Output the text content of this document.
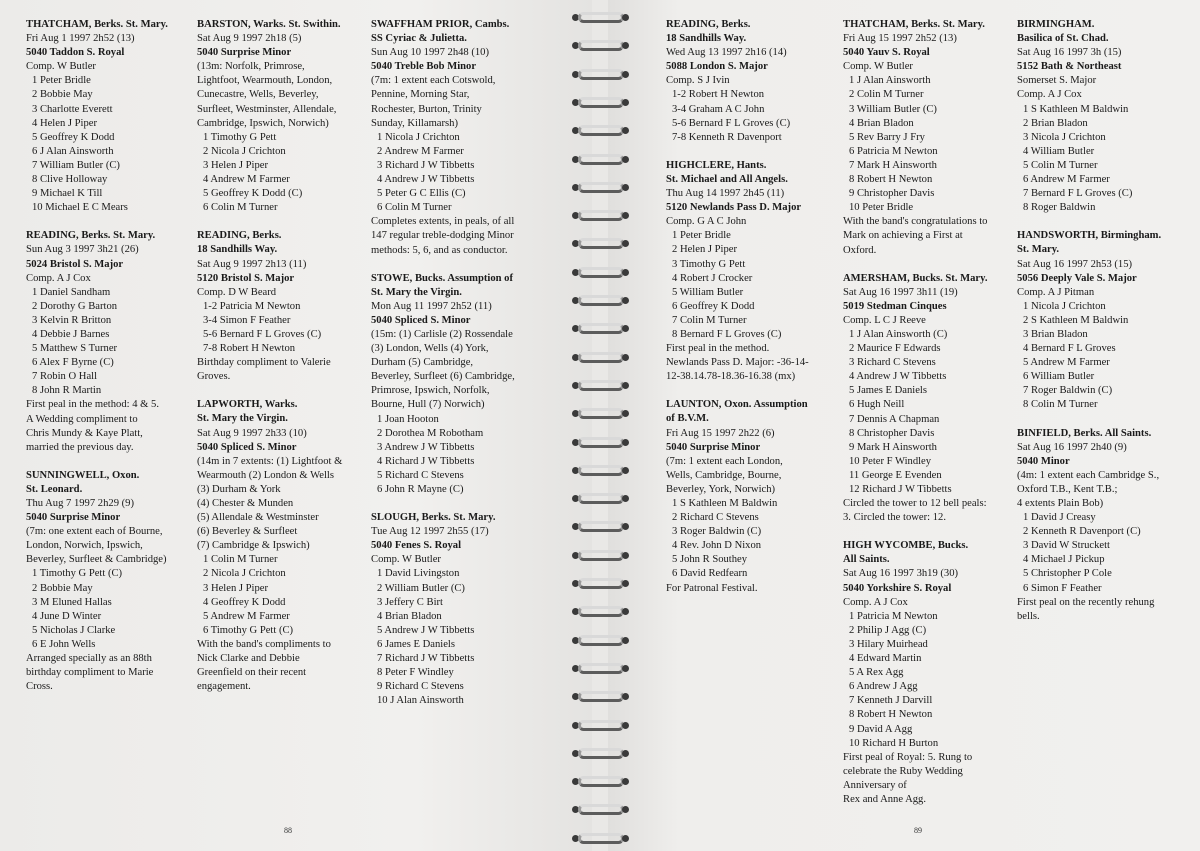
THATCHAM, Berks. St. Mary.
Fri Aug 1 1997 2h52 (13)
5040 Taddon S. Royal
Comp. W Butler
1 Peter Bridle
2 Bobbie May
3 Charlotte Everett
4 Helen J Piper
5 Geoffrey K Dodd
6 J Alan Ainsworth
7 William Butler (C)
8 Clive Holloway
9 Michael K Till
10 Michael E C Mears
READING, Berks. St. Mary.
Sun Aug 3 1997 3h21 (26)
5024 Bristol S. Major
Comp. A J Cox
1 Daniel Sandham
2 Dorothy G Barton
3 Kelvin R Britton
4 Debbie J Barnes
5 Matthew S Turner
6 Alex F Byrne (C)
7 Robin O Hall
8 John R Martin
First peal in the method: 4 & 5.
A Wedding compliment to
Chris Mundy & Kaye Platt,
married the previous day.
SUNNINGWELL, Oxon.
St. Leonard.
Thu Aug 7 1997 2h29 (9)
5040 Surprise Minor
(7m: one extent each of Bourne,
London, Norwich, Ipswich,
Beverley, Surfleet & Cambridge)
1 Timothy G Pett (C)
2 Bobbie May
3 M Eluned Hallas
4 June D Winter
5 Nicholas J Clarke
6 E John Wells
Arranged specially as an 88th
birthday compliment to Marie
Cross.
BARSTON, Warks. St. Swithin.
Sat Aug 9 1997 2h18 (5)
5040 Surprise Minor
(13m: Norfolk, Primrose,
Lightfoot, Wearmouth, London,
Cunecastre, Wells, Beverley,
Surfleet, Westminster, Allendale,
Cambridge, Ipswich, Norwich)
1 Timothy G Pett
2 Nicola J Crichton
3 Helen J Piper
4 Andrew M Farmer
5 Geoffrey K Dodd (C)
6 Colin M Turner
READING, Berks.
18 Sandhills Way.
Sat Aug 9 1997 2h13 (11)
5120 Bristol S. Major
Comp. D W Beard
1-2 Patricia M Newton
3-4 Simon F Feather
5-6 Bernard F L Groves (C)
7-8 Robert H Newton
Birthday compliment to Valerie
Groves.
LAPWORTH, Warks.
St. Mary the Virgin.
Sat Aug 9 1997 2h33 (10)
5040 Spliced S. Minor
(14m in 7 extents: (1) Lightfoot &
Wearmouth (2) London & Wells
(3) Durham & York
(4) Chester & Munden
(5) Allendale & Westminster
(6) Beverley & Surfleet
(7) Cambridge & Ipswich)
1 Colin M Turner
2 Nicola J Crichton
3 Helen J Piper
4 Geoffrey K Dodd
5 Andrew M Farmer
6 Timothy G Pett (C)
With the band's compliments to
Nick Clarke and Debbie
Greenfield on their recent
engagement.
SWAFFHAM PRIOR, Cambs.
SS Cyriac & Julietta.
Sun Aug 10 1997 2h48 (10)
5040 Treble Bob Minor
(7m: 1 extent each Cotswold,
Pennine, Morning Star,
Rochester, Burton, Trinity
Sunday, Killamarsh)
1 Nicola J Crichton
2 Andrew M Farmer
3 Richard J W Tibbetts
4 Andrew J W Tibbetts
5 Peter G C Ellis (C)
6 Colin M Turner
Completes extents, in peals, of all
147 regular treble-dodging Minor
methods: 5, 6, and as conductor.
STOWE, Bucks. Assumption of
St. Mary the Virgin.
Mon Aug 11 1997 2h52 (11)
5040 Spliced S. Minor
(15m: (1) Carlisle (2) Rossendale
(3) London, Wells (4) York,
Durham (5) Cambridge,
Beverley, Surfleet (6) Cambridge,
Primrose, Ipswich, Norfolk,
Bourne, Hull (7) Norwich)
1 Joan Hooton
2 Dorothea M Robotham
3 Andrew J W Tibbetts
4 Richard J W Tibbetts
5 Richard C Stevens
6 John R Mayne (C)
SLOUGH, Berks. St. Mary.
Tue Aug 12 1997 2h55 (17)
5040 Fenes S. Royal
Comp. W Butler
1 David Livingston
2 William Butler (C)
3 Jeffery C Birt
4 Brian Bladon
5 Andrew J W Tibbetts
6 James E Daniels
7 Richard J W Tibbetts
8 Peter F Windley
9 Richard C Stevens
10 J Alan Ainsworth
88
READING, Berks.
18 Sandhills Way.
Wed Aug 13 1997 2h16 (14)
5088 London S. Major
Comp. S J Ivin
1-2 Robert H Newton
3-4 Graham A C John
5-6 Bernard F L Groves (C)
7-8 Kenneth R Davenport
HIGHCLERE, Hants.
St. Michael and All Angels.
Thu Aug 14 1997 2h45 (11)
5120 Newlands Pass D. Major
Comp. G A C John
1 Peter Bridle
2 Helen J Piper
3 Timothy G Pett
4 Robert J Crocker
5 William Butler
6 Geoffrey K Dodd
7 Colin M Turner
8 Bernard F L Groves (C)
First peal in the method.
Newlands Pass D. Major: -36-14-
12-38.14.78-18.36-16.38 (mx)
LAUNTON, Oxon. Assumption
of B.V.M.
Fri Aug 15 1997 2h22 (6)
5040 Surprise Minor
(7m: 1 extent each London,
Wells, Cambridge, Bourne,
Beverley, York, Norwich)
1 S Kathleen M Baldwin
2 Richard C Stevens
3 Roger Baldwin (C)
4 Rev. John D Nixon
5 John R Southey
6 David Redfearn
For Patronal Festival.
THATCHAM, Berks. St. Mary.
Fri Aug 15 1997 2h52 (13)
5040 Yauv S. Royal
Comp. W Butler
1 J Alan Ainsworth
2 Colin M Turner
3 William Butler (C)
4 Brian Bladon
5 Rev Barry J Fry
6 Patricia M Newton
7 Mark H Ainsworth
8 Robert H Newton
9 Christopher Davis
10 Peter Bridle
With the band's congratulations to
Mark on achieving a First at
Oxford.
AMERSHAM, Bucks. St. Mary.
Sat Aug 16 1997 3h11 (19)
5019 Stedman Cinques
Comp. L C J Reeve
1 J Alan Ainsworth (C)
2 Maurice F Edwards
3 Richard C Stevens
4 Andrew J W Tibbetts
5 James E Daniels
6 Hugh Neill
7 Dennis A Chapman
8 Christopher Davis
9 Mark H Ainsworth
10 Peter F Windley
11 George E Evenden
12 Richard J W Tibbetts
Circled the tower to 12 bell peals:
3. Circled the tower: 12.
HIGH WYCOMBE, Bucks.
All Saints.
Sat Aug 16 1997 3h19 (30)
5040 Yorkshire S. Royal
Comp. A J Cox
1 Patricia M Newton
2 Philip J Agg (C)
3 Hilary Muirhead
4 Edward Martin
5 A Rex Agg
6 Andrew J Agg
7 Kenneth J Darvill
8 Robert H Newton
9 David A Agg
10 Richard H Burton
First peal of Royal: 5. Rung to
celebrate the Ruby Wedding
Anniversary of
Rex and Anne Agg.
BIRMINGHAM.
Basilica of St. Chad.
Sat Aug 16 1997 3h (15)
5152 Bath & Northeast
Somerset S. Major
Comp. A J Cox
1 S Kathleen M Baldwin
2 Brian Bladon
3 Nicola J Crichton
4 William Butler
5 Colin M Turner
6 Andrew M Farmer
7 Bernard F L Groves (C)
8 Roger Baldwin
HANDSWORTH, Birmingham.
St. Mary.
Sat Aug 16 1997 2h53 (15)
5056 Deeply Vale S. Major
Comp. A J Pitman
1 Nicola J Crichton
2 S Kathleen M Baldwin
3 Brian Bladon
4 Bernard F L Groves
5 Andrew M Farmer
6 William Butler
7 Roger Baldwin (C)
8 Colin M Turner
BINFIELD, Berks. All Saints.
Sat Aug 16 1997 2h40 (9)
5040 Minor
(4m: 1 extent each Cambridge S.,
Oxford T.B., Kent T.B.;
4 extents Plain Bob)
1 David J Creasy
2 Kenneth R Davenport (C)
3 David W Struckett
4 Michael J Pickup
5 Christopher P Cole
6 Simon F Feather
First peal on the recently rehung
bells.
89
